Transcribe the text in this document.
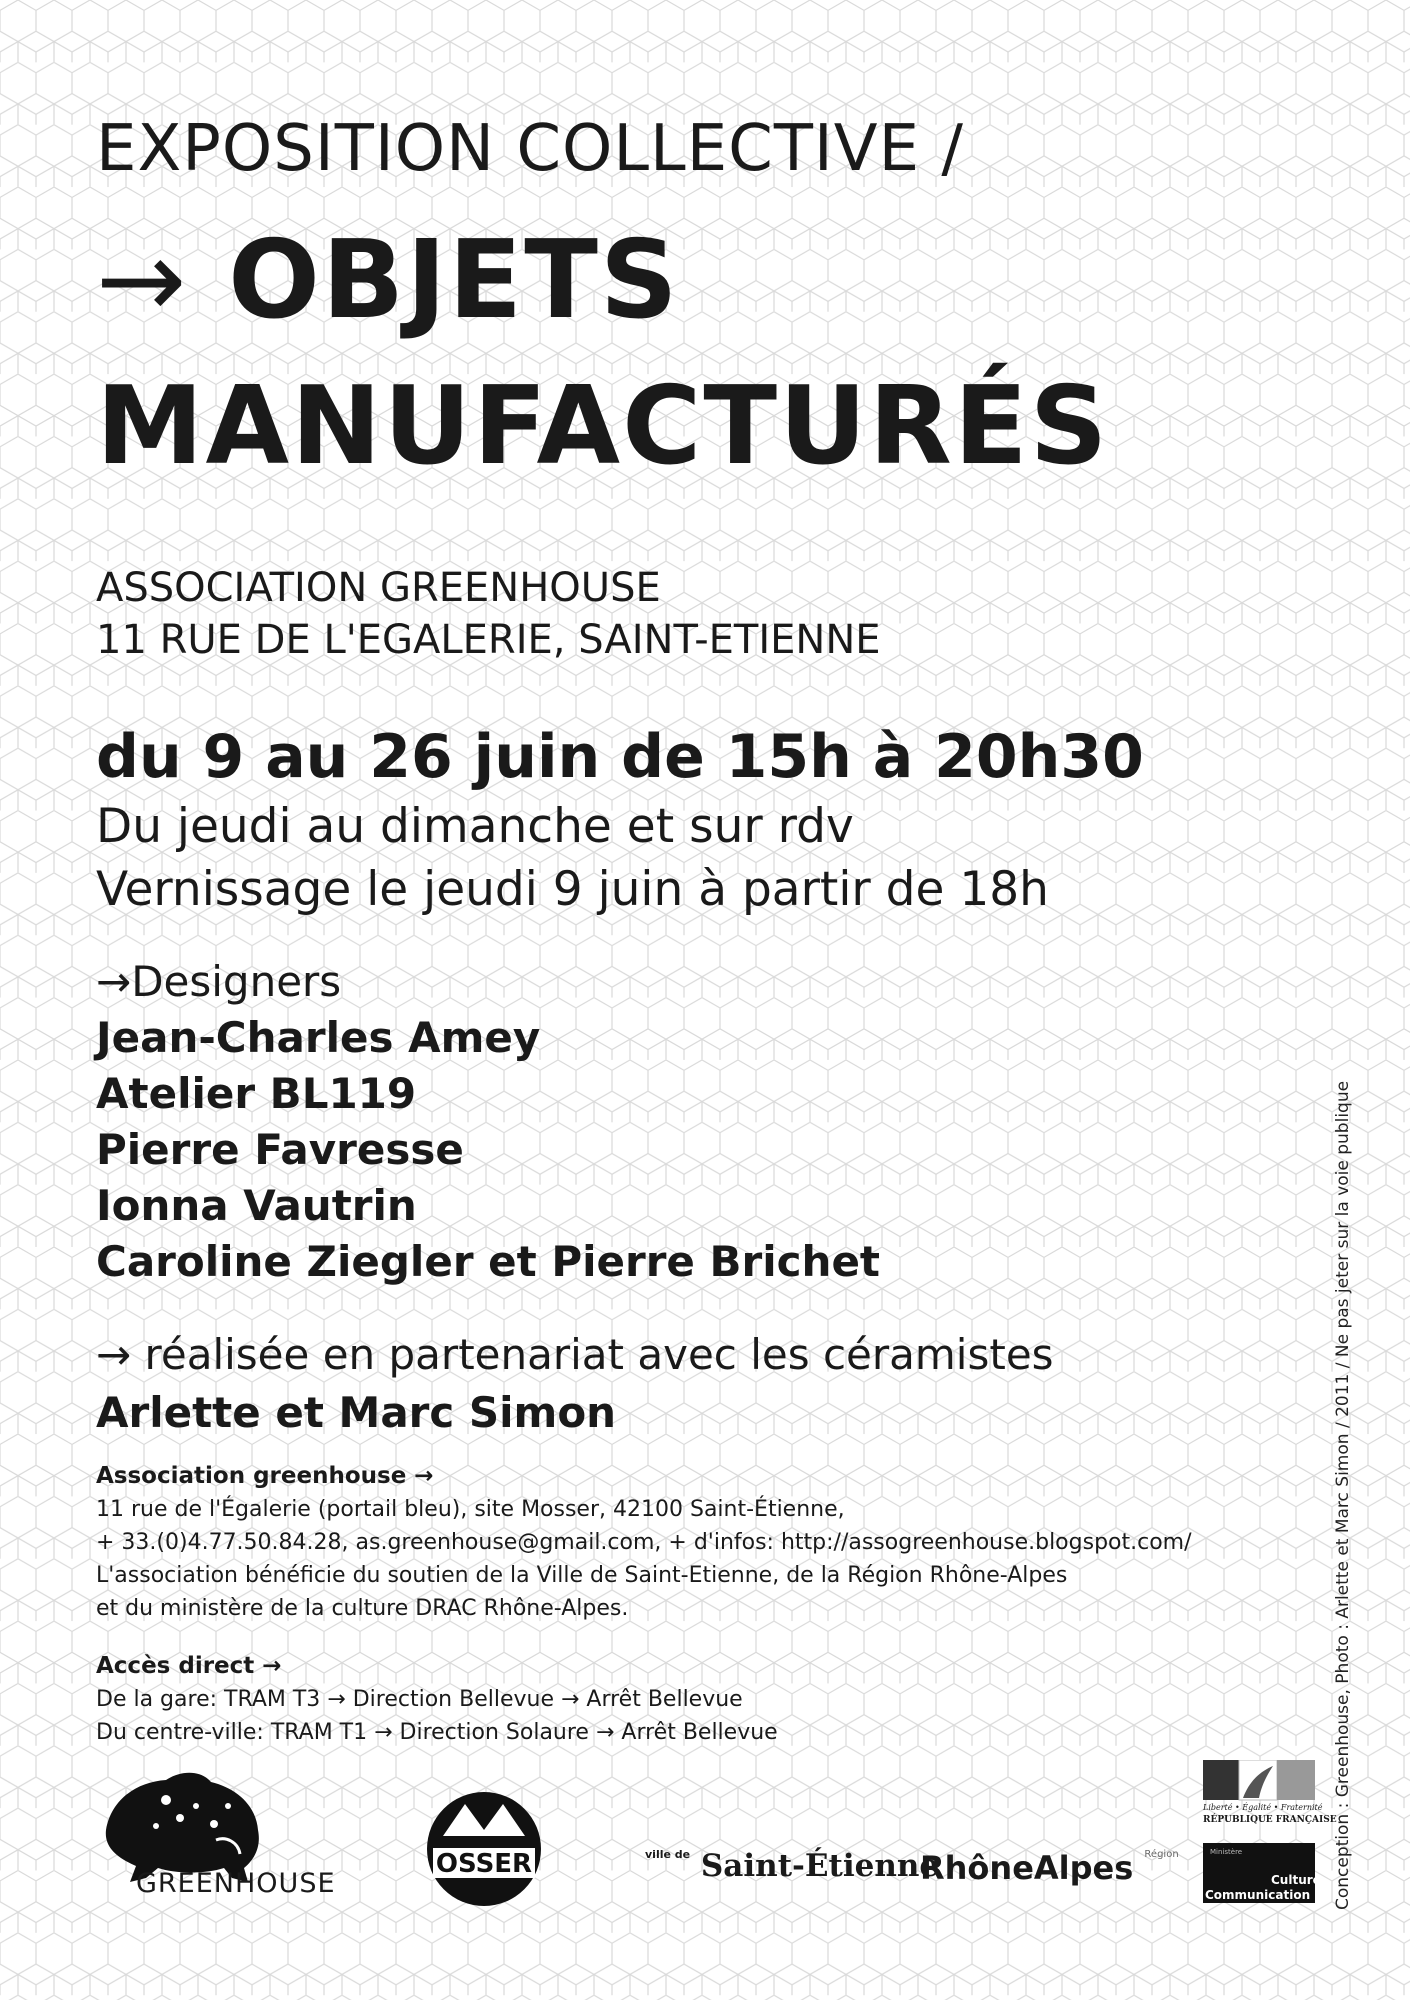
EXPOSITION COLLECTIVE /
→ OBJETS
MANUFACTURÉS
ASSOCIATION GREENHOUSE
11 RUE DE L'EGALERIE, SAINT-ETIENNE
du 9 au 26 juin de 15h à 20h30
Du jeudi au dimanche et sur rdv
Vernissage le jeudi 9 juin à partir de 18h
→Designers
Jean-Charles Amey
Atelier BL119
Pierre Favresse
Ionna Vautrin
Caroline Ziegler et Pierre Brichet
→ réalisée en partenariat avec les céramistes
Arlette et Marc Simon
Association greenhouse →
11 rue de l'Égalerie (portail bleu), site Mosser, 42100 Saint-Étienne,
+ 33.(0)4.77.50.84.28, as.greenhouse@gmail.com, + d'infos: http://assogreenhouse.blogspot.com/
L'association bénéficie du soutien de la Ville de Saint-Etienne, de la Région Rhône-Alpes
et du ministère de la culture DRAC Rhône-Alpes.
Accès direct →
De la gare: TRAM T3 → Direction Bellevue → Arrêt Bellevue
Du centre-ville: TRAM T1 → Direction Solaure → Arrêt Bellevue	Conception : Greenhouse, Photo : Arlette et Marc Simon / 2011 / Ne pas jeter sur la voie publique
GREENHOUSE
OSSER	$^{ville de}$ Saint-Étienne
RhôneAlpes $^{Région}$
Liberté • Égalité • Fraternité
RÉPUBLIQUE FRANÇAISE
Ministère
Culture
Communication
